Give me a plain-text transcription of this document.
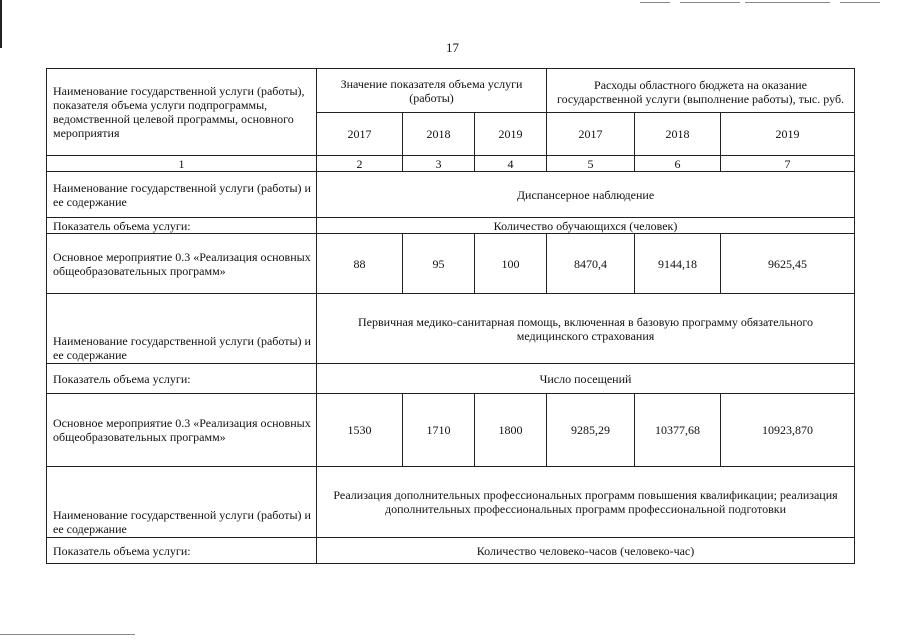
17
Наименование государственной услуги (работы), показателя объема услуги подпрограммы, ведомственной целевой программы, основного мероприятия	Значение показателя объема услуги (работы)			Расходы областного бюджета на оказание государственной услуги (выполнение работы), тыс. руб.		
	2017	2018	2019	2017	2018	2019
1	2	3	4	5	6	7
Наименование государственной услуги (работы) и ее содержание	Диспансерное наблюдение					
Показатель объема услуги:	Количество обучающихся (человек)					
Основное мероприятие 0.3 «Реализация основных общеобразовательных программ»	88	95	100	8470,4	9144,18	9625,45
Наименование государственной услуги (работы) и ее содержание	Первичная медико-санитарная помощь, включенная в базовую программу обязательного медицинского страхования					
Показатель объема услуги:	Число посещений					
Основное мероприятие 0.3 «Реализация основных общеобразовательных программ»	1530	1710	1800	9285,29	10377,68	10923,870
Наименование государственной услуги (работы) и ее содержание	Реализация дополнительных профессиональных программ повышения квалификации; реализация дополнительных профессиональных программ профессиональной подготовки					
Показатель объема услуги:	Количество человеко-часов (человеко-час)					
